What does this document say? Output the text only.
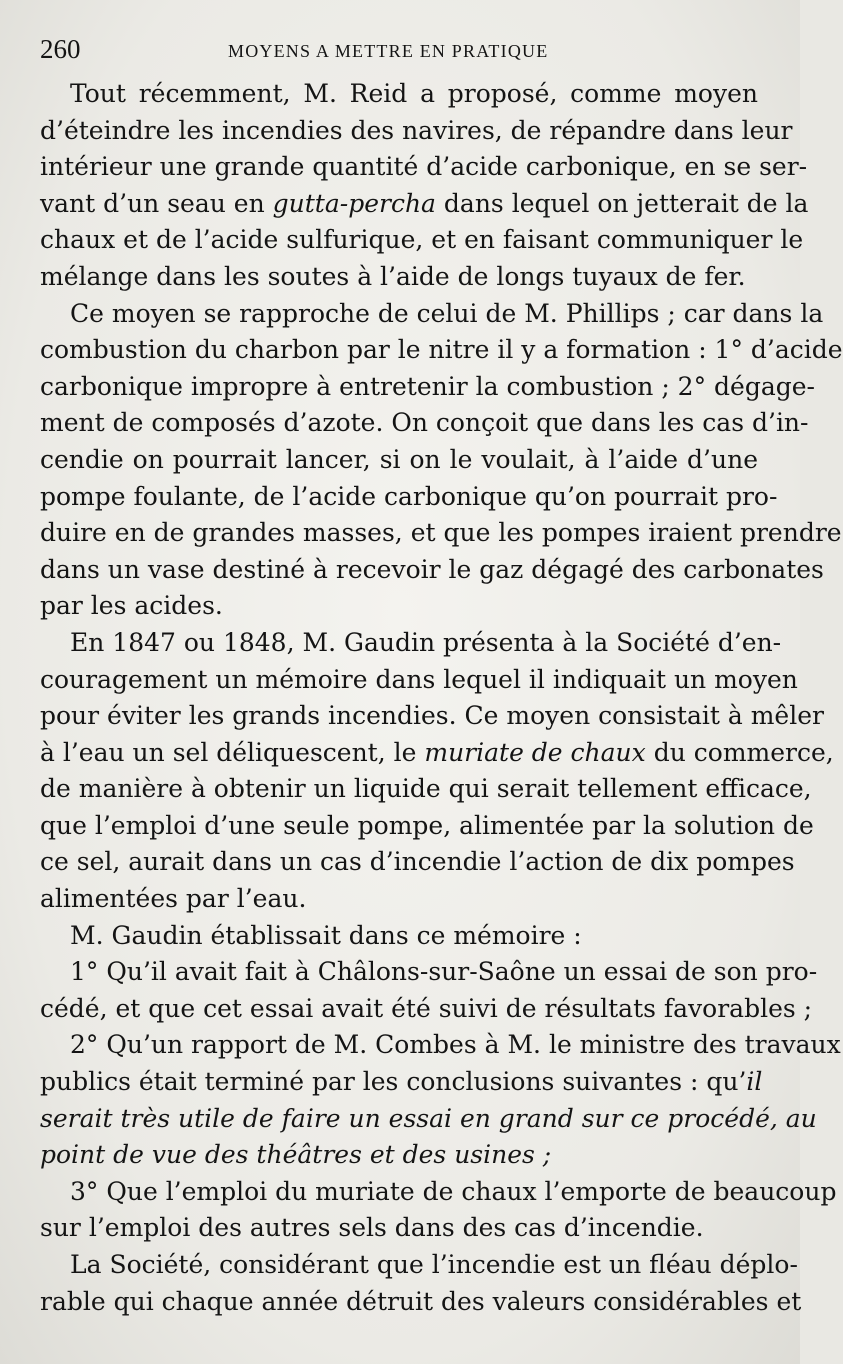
260	MOYENS A METTRE EN PRATIQUE
Tout récemment, M. Reid a proposé, comme moyen
d’éteindre les incendies des navires, de répandre dans leur
intérieur une grande quantité d’acide carbonique, en se ser-
vant d’un seau en gutta-percha dans lequel on jetterait de la
chaux et de l’acide sulfurique, et en faisant communiquer le
mélange dans les soutes à l’aide de longs tuyaux de fer.
Ce moyen se rapproche de celui de M. Phillips ; car dans la
combustion du charbon par le nitre il y a formation : 1° d’acide
carbonique impropre à entretenir la combustion ; 2° dégage-
ment de composés d’azote. On conçoit que dans les cas d’in-
cendie on pourrait lancer, si on le voulait, à l’aide d’une
pompe foulante, de l’acide carbonique qu’on pourrait pro-
duire en de grandes masses, et que les pompes iraient prendre
dans un vase destiné à recevoir le gaz dégagé des carbonates
par les acides.
En 1847 ou 1848, M. Gaudin présenta à la Société d’en-
couragement un mémoire dans lequel il indiquait un moyen
pour éviter les grands incendies. Ce moyen consistait à mêler
à l’eau un sel déliquescent, le muriate de chaux du commerce,
de manière à obtenir un liquide qui serait tellement efficace,
que l’emploi d’une seule pompe, alimentée par la solution de
ce sel, aurait dans un cas d’incendie l’action de dix pompes
alimentées par l’eau.
M. Gaudin établissait dans ce mémoire :
1° Qu’il avait fait à Châlons-sur-Saône un essai de son pro-
cédé, et que cet essai avait été suivi de résultats favorables ;
2° Qu’un rapport de M. Combes à M. le ministre des travaux
publics était terminé par les conclusions suivantes : qu’il
serait très utile de faire un essai en grand sur ce procédé, au
point de vue des théâtres et des usines ;
3° Que l’emploi du muriate de chaux l’emporte de beaucoup
sur l’emploi des autres sels dans des cas d’incendie.
La Société, considérant que l’incendie est un fléau déplo-
rable qui chaque année détruit des valeurs considérables et
